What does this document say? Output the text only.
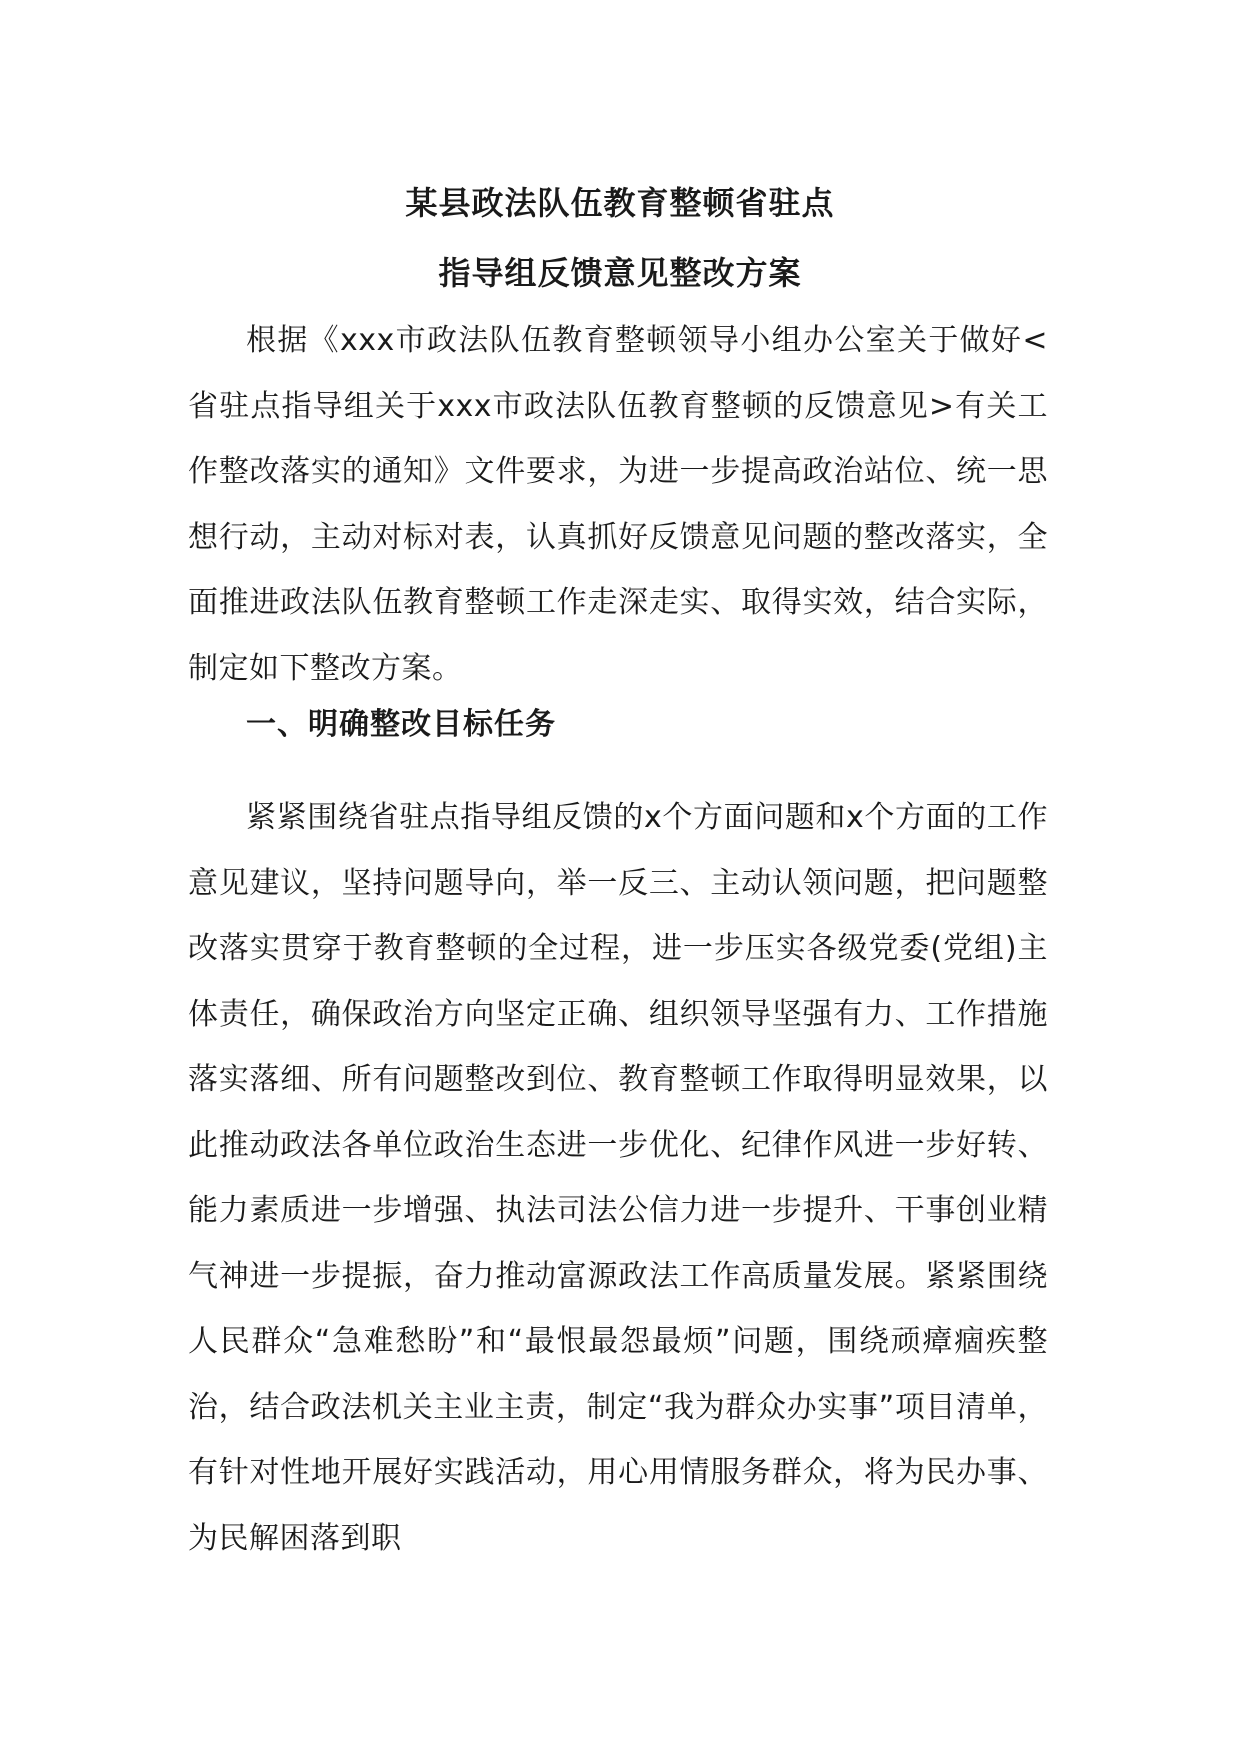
某县政法队伍教育整顿省驻点
指导组反馈意见整改方案

根据《xxx市政法队伍教育整顿领导小组办公室关于做好<省驻点指导组关于xxx市政法队伍教育整顿的反馈意见>有关工作整改落实的通知》文件要求，为进一步提高政治站位、统一思想行动，主动对标对表，认真抓好反馈意见问题的整改落实，全面推进政法队伍教育整顿工作走深走实、取得实效，结合实际，制定如下整改方案。

一、明确整改目标任务

紧紧围绕省驻点指导组反馈的x个方面问题和x个方面的工作意见建议，坚持问题导向，举一反三、主动认领问题，把问题整改落实贯穿于教育整顿的全过程，进一步压实各级党委(党组)主体责任，确保政治方向坚定正确、组织领导坚强有力、工作措施落实落细、所有问题整改到位、教育整顿工作取得明显效果，以此推动政法各单位政治生态进一步优化、纪律作风进一步好转、能力素质进一步增强、执法司法公信力进一步提升、干事创业精气神进一步提振，奋力推动富源政法工作高质量发展。紧紧围绕人民群众“急难愁盼”和“最恨最怨最烦”问题，围绕顽瘴痼疾整治，结合政法机关主业主责，制定“我为群众办实事”项目清单，有针对性地开展好实践活动，用心用情服务群众，将为民办事、为民解困落到职
